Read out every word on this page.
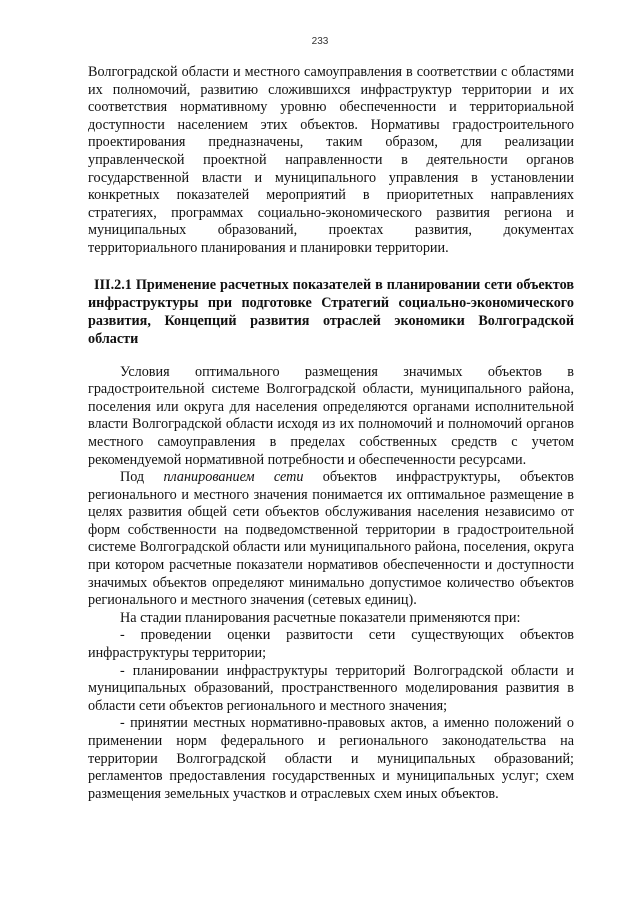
233

Волгоградской области и местного самоуправления в соответствии с областями их полномочий, развитию сложившихся инфраструктур территории и их соответствия нормативному уровню обеспеченности и территориальной доступности населением этих объектов. Нормативы градостроительного проектирования предназначены, таким образом, для реализации управленческой проектной направленности в деятельности органов государственной власти и муниципального управления в установлении конкретных показателей мероприятий в приоритетных направлениях стратегиях, программах социально-экономического развития региона и муниципальных образований, проектах развития, документах территориального планирования и планировки территории.

III.2.1 Применение расчетных показателей в планировании сети объектов инфраструктуры при подготовке Стратегий социально-экономического развития, Концепций развития отраслей экономики Волгоградской области

Условия оптимального размещения значимых объектов в градостроительной системе Волгоградской области, муниципального района, поселения или округа для населения определяются органами исполнительной власти Волгоградской области исходя из их полномочий и полномочий органов местного самоуправления в пределах собственных средств с учетом рекомендуемой нормативной потребности и обеспеченности ресурсами.

Под планированием сети объектов инфраструктуры, объектов регионального и местного значения понимается их оптимальное размещение в целях развития общей сети объектов обслуживания населения независимо от форм собственности на подведомственной территории в градостроительной системе Волгоградской области или муниципального района, поселения, округа при котором расчетные показатели нормативов обеспеченности и доступности значимых объектов определяют минимально допустимое количество объектов регионального и местного значения (сетевых единиц).

На стадии планирования расчетные показатели применяются при:

- проведении оценки развитости сети существующих объектов инфраструктуры территории;

- планировании инфраструктуры территорий Волгоградской области и муниципальных образований, пространственного моделирования развития в области сети объектов регионального и местного значения;

- принятии местных нормативно-правовых актов, а именно положений о применении норм федерального и регионального законодательства на территории Волгоградской области и муниципальных образований; регламентов предоставления государственных и муниципальных услуг; схем размещения земельных участков и отраслевых схем иных объектов.
